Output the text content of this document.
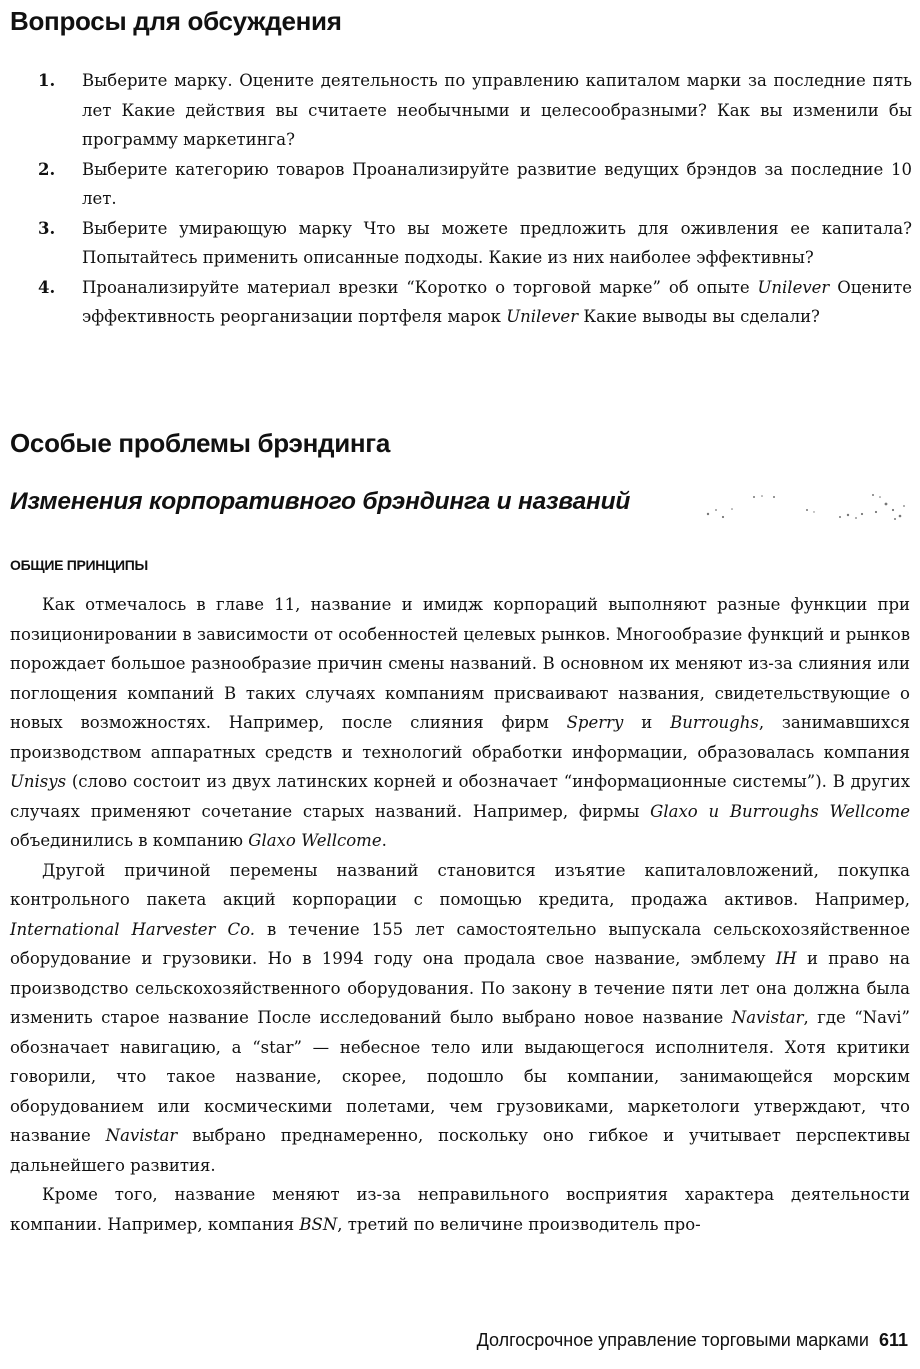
Вопросы для обсуждения
1. Выберите марку. Оцените деятельность по управлению капиталом марки за последние пять лет Какие действия вы считаете необычными и целесообразными? Как вы изменили бы программу маркетинга?
2. Выберите категорию товаров Проанализируйте развитие ведущих брэндов за последние 10 лет.
3. Выберите умирающую марку Что вы можете предложить для оживления ее капитала? Попытайтесь применить описанные подходы. Какие из них наиболее эффективны?
4. Проанализируйте материал врезки “Коротко о торговой марке” об опыте Unilever Оцените эффективность реорганизации портфеля марок Unilever Какие выводы вы сделали?
Особые проблемы брэндинга
Изменения корпоративного брэндинга и названий
ОБЩИЕ ПРИНЦИПЫ

Как отмечалось в главе 11, название и имидж корпораций выполняют разные функции при позиционировании в зависимости от особенностей целевых рынков. Многообразие функций и рынков порождает большое разнообразие причин смены названий. В основном их меняют из-за слияния или поглощения компаний В таких случаях компаниям присваивают названия, свидетельствующие о новых возможностях. Например, после слияния фирм Sperry и Burroughs, занимавшихся производством аппаратных средств и технологий обработки информации, образовалась компания Unisys (слово состоит из двух латинских корней и обозначает “информационные системы”). В других случаях применяют сочетание старых названий. Например, фирмы Glaxo и Burroughs Wellcome объединились в компанию Glaxo Wellcome.

Другой причиной перемены названий становится изъятие капиталовложений, покупка контрольного пакета акций корпорации с помощью кредита, продажа активов. Например, International Harvester Co. в течение 155 лет самостоятельно выпускала сельскохозяйственное оборудование и грузовики. Но в 1994 году она продала свое название, эмблему IH и право на производство сельскохозяйственного оборудования. По закону в течение пяти лет она должна была изменить старое название После исследований было выбрано новое название Navistar, где “Navi” обозначает навигацию, а “star” — небесное тело или выдающегося исполнителя. Хотя критики говорили, что такое название, скорее, подошло бы компании, занимающейся морским оборудованием или космическими полетами, чем грузовиками, маркетологи утверждают, что название Navistar выбрано преднамеренно, поскольку оно гибкое и учитывает перспективы дальнейшего развития.

Кроме того, название меняют из-за неправильного восприятия характера деятельности компании. Например, компания BSN, третий по величине производитель про-

Долгосрочное управление торговыми марками 611
